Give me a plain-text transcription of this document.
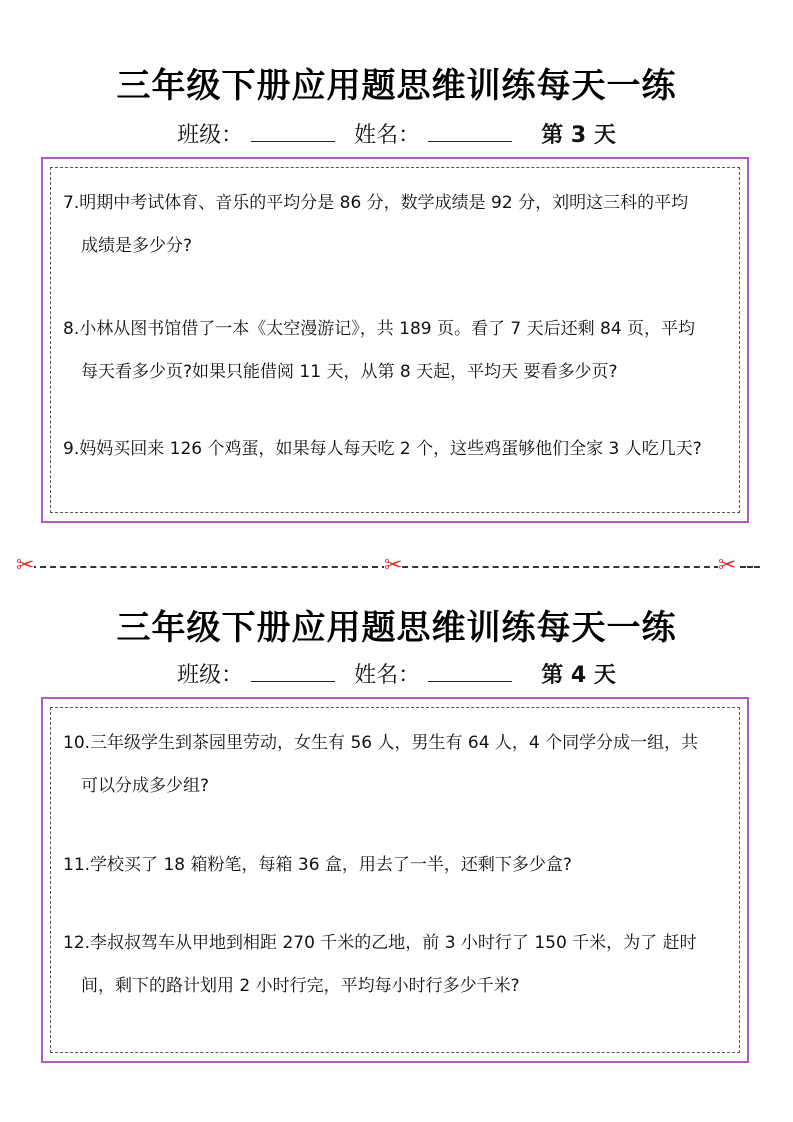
三年级下册应用题思维训练每天一练
班级：	姓名：	第 3 天
7.明期中考试体育、音乐的平均分是 86 分，数学成绩是 92 分，刘明这三科的平均
成绩是多少分?
8.小林从图书馆借了一本《太空漫游记》，共 189 页。看了 7 天后还剩 84 页，平均
每天看多少页?如果只能借阅 11 天，从第 8 天起，平均天 要看多少页?
9.妈妈买回来 126 个鸡蛋，如果每人每天吃 2 个，这些鸡蛋够他们全家 3 人吃几天?
✂	✂	✂
三年级下册应用题思维训练每天一练
班级：	姓名：	第 4 天
10.三年级学生到茶园里劳动，女生有 56 人，男生有 64 人，4 个同学分成一组，共
可以分成多少组?
11.学校买了 18 箱粉笔，每箱 36 盒，用去了一半，还剩下多少盒?
12.李叔叔驾车从甲地到相距 270 千米的乙地，前 3 小时行了 150 千米，为了 赶时
间，剩下的路计划用 2 小时行完，平均每小时行多少千米?
